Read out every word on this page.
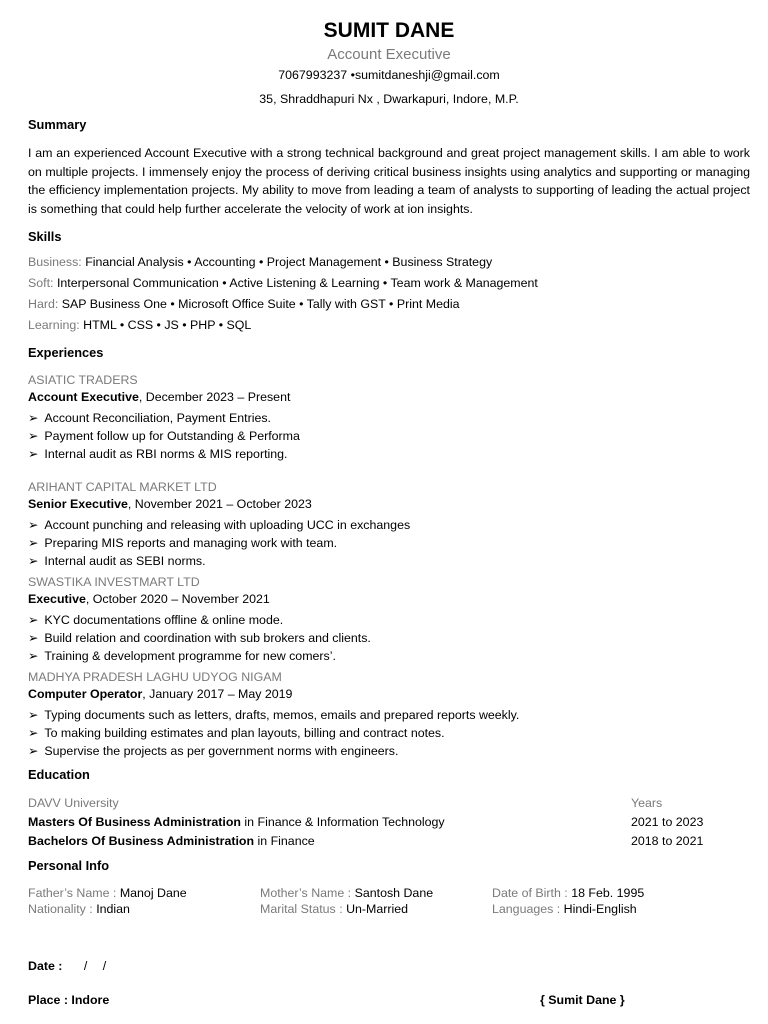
SUMIT DANE
Account Executive
7067993237 •sumitdaneshji@gmail.com
35, Shraddhapuri Nx , Dwarkapuri, Indore, M.P.
Summary
I am an experienced Account Executive with a strong technical background and great project management skills. I am able to work on multiple projects. I immensely enjoy the process of deriving critical business insights using analytics and supporting or managing the efficiency implementation projects. My ability to move from leading a team of analysts to supporting of leading the actual project is something that could help further accelerate the velocity of work at ion insights.
Skills
Business: Financial Analysis • Accounting • Project Management • Business Strategy
Soft: Interpersonal Communication • Active Listening & Learning • Team work & Management
Hard: SAP Business One • Microsoft Office Suite • Tally with GST • Print Media
Learning: HTML • CSS • JS • PHP • SQL
Experiences
ASIATIC TRADERS
Account Executive, December 2023 – Present
➢ Account Reconciliation, Payment Entries.
➢ Payment follow up for Outstanding & Performa
➢ Internal audit as RBI norms & MIS reporting.
ARIHANT CAPITAL MARKET LTD
Senior Executive, November 2021 – October 2023
➢ Account punching and releasing with uploading UCC in exchanges
➢ Preparing MIS reports and managing work with team.
➢ Internal audit as SEBI norms.
SWASTIKA INVESTMART LTD
Executive, October 2020 – November 2021
➢ KYC documentations offline & online mode.
➢ Build relation and coordination with sub brokers and clients.
➢ Training & development programme for new comers’.
MADHYA PRADESH LAGHU UDYOG NIGAM
Computer Operator, January 2017 – May 2019
➢ Typing documents such as letters, drafts, memos, emails and prepared reports weekly.
➢ To making building estimates and plan layouts, billing and contract notes.
➢ Supervise the projects as per government norms with engineers.
Education
DAVV University	Years
Masters Of Business Administration in Finance & Information Technology	2021 to 2023
Bachelors Of Business Administration in Finance	2018 to 2021
Personal Info
Father’s Name : Manoj Dane	Mother’s Name : Santosh Dane	Date of Birth : 18 Feb. 1995
Nationality : Indian	Marital Status : Un-Married	Languages : Hindi-English
Date : / /
Place : Indore	{ Sumit Dane }
